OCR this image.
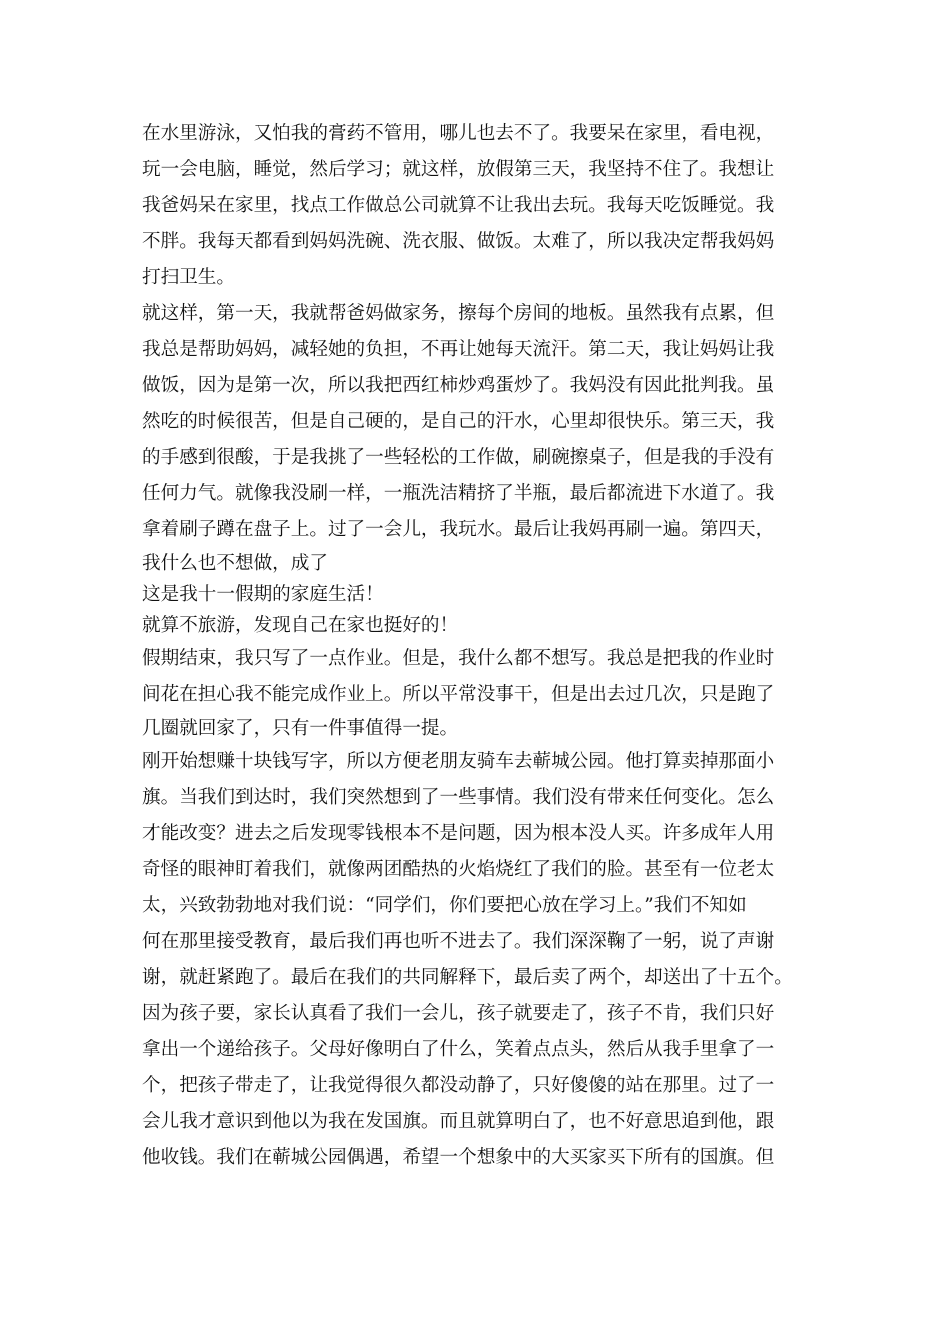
在水里游泳，又怕我的膏药不管用，哪儿也去不了。我要呆在家里，看电视，
玩一会电脑，睡觉，然后学习；就这样，放假第三天，我坚持不住了。我想让
我爸妈呆在家里，找点工作做总公司就算不让我出去玩。我每天吃饭睡觉。我
不胖。我每天都看到妈妈洗碗、洗衣服、做饭。太难了，所以我决定帮我妈妈
打扫卫生。
就这样，第一天，我就帮爸妈做家务，擦每个房间的地板。虽然我有点累，但
我总是帮助妈妈，减轻她的负担，不再让她每天流汗。第二天，我让妈妈让我
做饭，因为是第一次，所以我把西红柿炒鸡蛋炒了。我妈没有因此批判我。虽
然吃的时候很苦，但是自己硬的，是自己的汗水，心里却很快乐。第三天，我
的手感到很酸，于是我挑了一些轻松的工作做，刷碗擦桌子，但是我的手没有
任何力气。就像我没刷一样，一瓶洗洁精挤了半瓶，最后都流进下水道了。我
拿着刷子蹲在盘子上。过了一会儿，我玩水。最后让我妈再刷一遍。第四天，
我什么也不想做，成了
这是我十一假期的家庭生活！
就算不旅游，发现自己在家也挺好的！
假期结束，我只写了一点作业。但是，我什么都不想写。我总是把我的作业时
间花在担心我不能完成作业上。所以平常没事干，但是出去过几次，只是跑了
几圈就回家了，只有一件事值得一提。
刚开始想赚十块钱写字，所以方便老朋友骑车去蕲城公园。他打算卖掉那面小
旗。当我们到达时，我们突然想到了一些事情。我们没有带来任何变化。怎么
才能改变？进去之后发现零钱根本不是问题，因为根本没人买。许多成年人用
奇怪的眼神盯着我们，就像两团酷热的火焰烧红了我们的脸。甚至有一位老太
太，兴致勃勃地对我们说：“同学们，你们要把心放在学习上。”我们不知如
何在那里接受教育，最后我们再也听不进去了。我们深深鞠了一躬，说了声谢
谢，就赶紧跑了。最后在我们的共同解释下，最后卖了两个，却送出了十五个。
因为孩子要，家长认真看了我们一会儿，孩子就要走了，孩子不肯，我们只好
拿出一个递给孩子。父母好像明白了什么，笑着点点头，然后从我手里拿了一
个，把孩子带走了，让我觉得很久都没动静了，只好傻傻的站在那里。过了一
会儿我才意识到他以为我在发国旗。而且就算明白了，也不好意思追到他，跟
他收钱。我们在蕲城公园偶遇，希望一个想象中的大买家买下所有的国旗。但
